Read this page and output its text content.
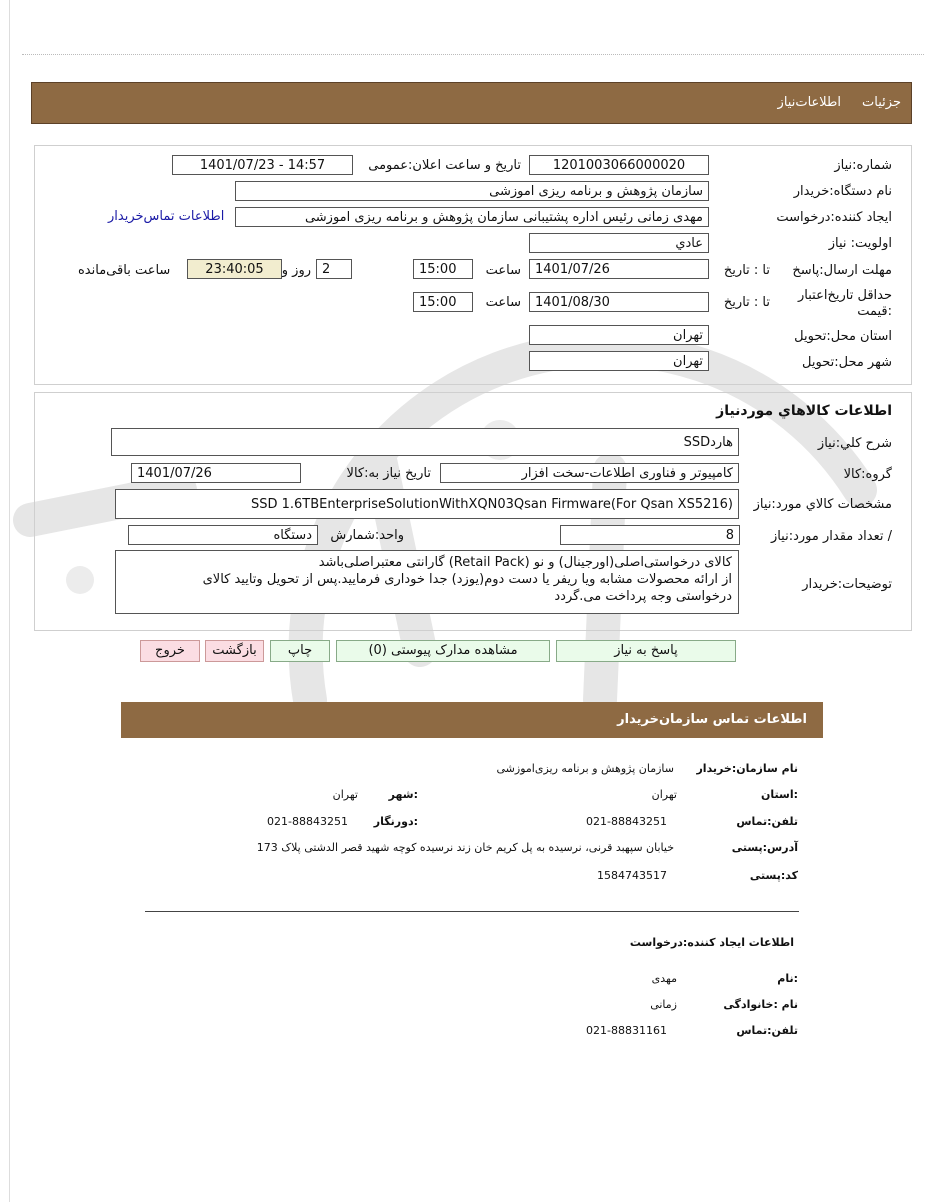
جزئيات
اطلاعات‌نیاز
شماره:نیاز
1201003066000020
تاریخ و ساعت اعلان:عمومی
1401/07/23 - 14:57
نام دستگاه:خریدار
سازمان پژوهش و برنامه ریزی اموزشی
ایجاد کننده:درخواست
مهدی زمانی رئیس اداره پشتیبانی سازمان پژوهش و برنامه ریزی اموزشی
اطلاعات تماس‌خریدار
اولویت: نیاز
عادي
مهلت ارسال:پاسخ
تا : تاریخ
1401/07/26
ساعت
15:00
2
روز و
23:40:05
ساعت باقی‌مانده
حداقل تاریخ‌اعتبار
:قیمت
تا : تاریخ
1401/08/30
ساعت
15:00
استان محل:تحویل
تهران
شهر محل:تحویل
تهران
اطلاعات کالاهاي موردنياز
شرح کلي:نیاز
هاردSSD
گروه:کالا
کامپیوتر و فناوری اطلاعات-سخت افزار
تاریخ نیاز به:کالا
1401/07/26
مشخصات کالاي مورد:نیاز
SSD 1.6TBEnterpriseSolutionWithXQN03Qsan Firmware(For Qsan XS5216)
/ تعداد مقدار مورد:نیاز
8
واحد:شمارش
دستگاه
توضیحات:خریدار
کالای درخواستی‌اصلی(اورجینال) و نو (Retail Pack) گارانتی معتبراصلی‌باشد
از ارائه محصولات مشابه ویا ریفر یا دست دوم(یوزد) جدا خوداری فرمایید.پس از تحویل وتایید کالای
درخواستی وجه پرداخت می.گردد
پاسخ به نیاز
مشاهده مدارک پیوستی (0)
چاپ
بازگشت
خروج
اطلاعات تماس سازمان‌خریدار
نام سازمان:خریدار
سازمان پژوهش و برنامه ریزی‌اموزشی
:استان
تهران
:شهر
تهران
تلفن:تماس
021-88843251
:دورنگار
021-88843251
آدرس:پستی
خیابان سپهبد قرنی، نرسیده به پل کریم خان زند نرسیده کوچه شهید قصر الدشتی پلاک 173
کد:پستی
1584743517
اطلاعات ایجاد کننده:درخواست
:نام
مهدی
نام :خانوادگی
زمانی
تلفن:تماس
021-88831161
